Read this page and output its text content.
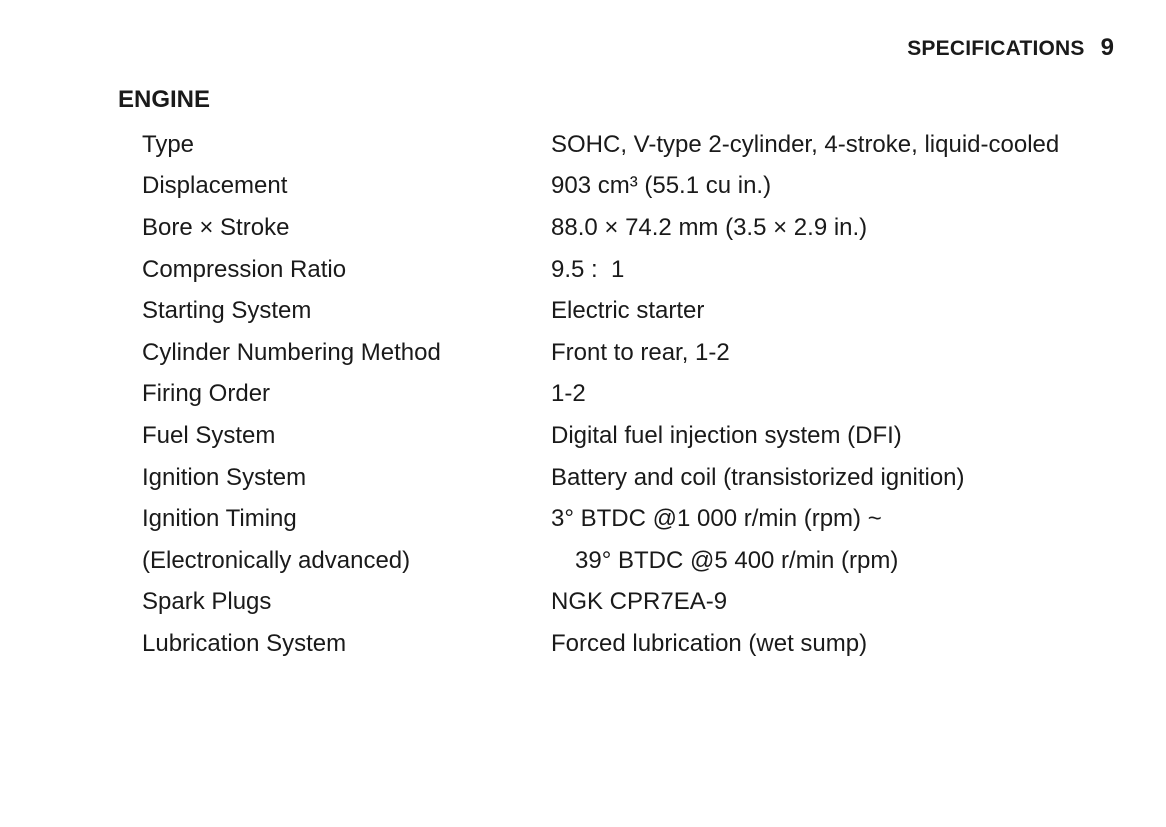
SPECIFICATIONS 9
ENGINE
Type	SOHC, V-type 2-cylinder, 4-stroke, liquid-cooled
Displacement	903 cm³ (55.1 cu in.)
Bore × Stroke	88.0 × 74.2 mm (3.5 × 2.9 in.)
Compression Ratio	9.5 :  1
Starting System	Electric starter
Cylinder Numbering Method	Front to rear, 1-2
Firing Order	1-2
Fuel System	Digital fuel injection system (DFI)
Ignition System	Battery and coil (transistorized ignition)
Ignition Timing	3° BTDC @1 000 r/min (rpm) ~
(Electronically advanced)	39° BTDC @5 400 r/min (rpm)
Spark Plugs	NGK CPR7EA-9
Lubrication System	Forced lubrication (wet sump)
